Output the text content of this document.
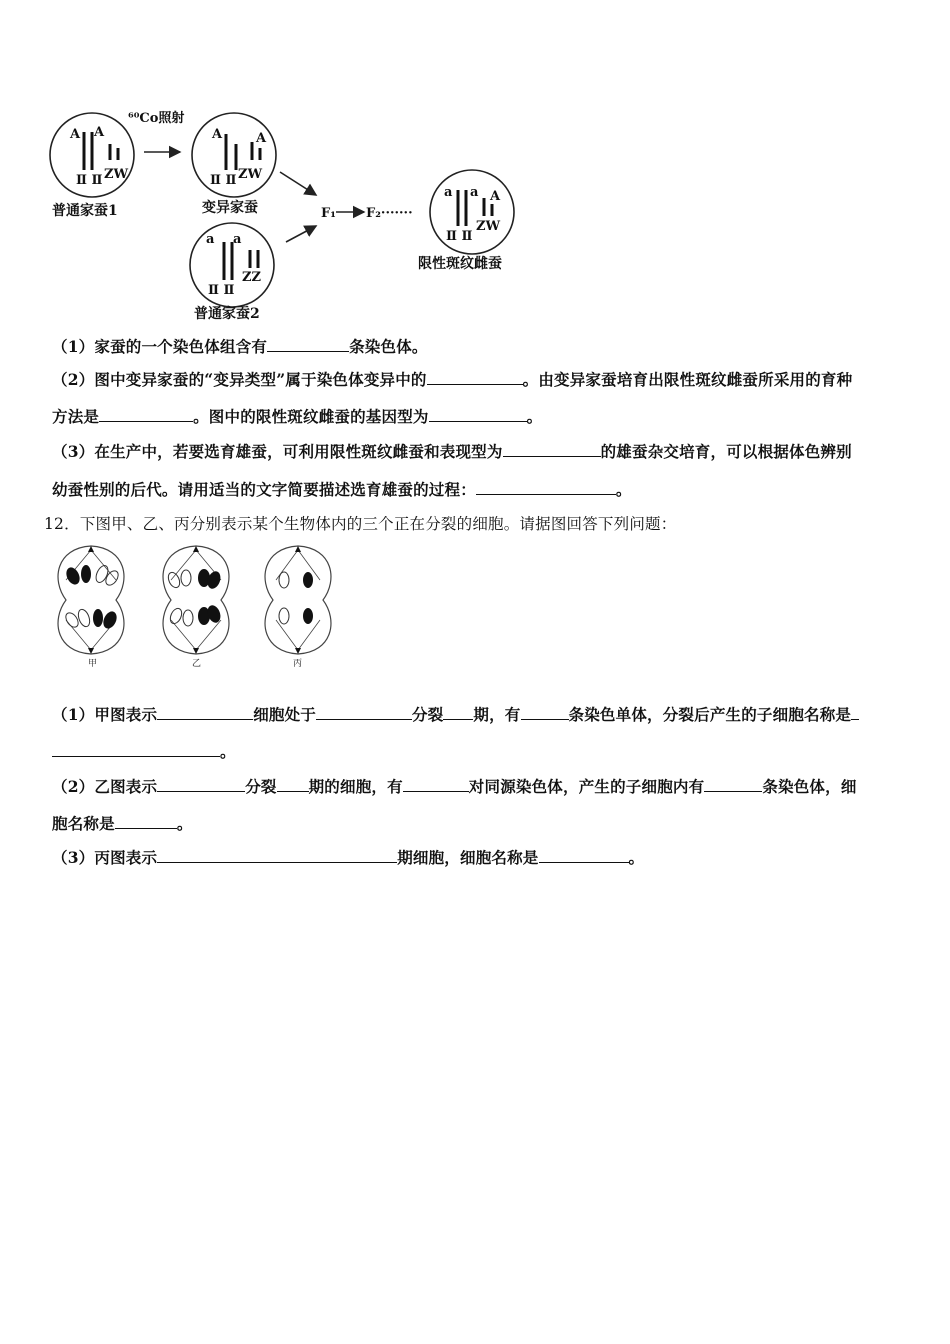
A A
ZW
Ⅱ Ⅱ
A	A
ZW
Ⅱ Ⅱ
a a
ZZ
Ⅱ Ⅱ
a a A
ZW
Ⅱ Ⅱ
⁶⁰Co照射
F₁ F₂·······
普通家蚕1	变异家蚕
普通家蚕2
限性斑纹雌蚕
（1）家蚕的一个染色体组含有	条染色体。
（2）图中变异家蚕的“变异类型”属于染色体变异中的	。由变异家蚕培育出限性斑纹雌蚕所采用的育种
方法是	。图中的限性斑纹雌蚕的基因型为	。
（3）在生产中，若要选育雄蚕，可利用限性斑纹雌蚕和表现型为	的雄蚕杂交培育，可以根据体色辨别
幼蚕性别的后代。请用适当的文字简要描述选育雄蚕的过程：	。
12．下图甲、乙、丙分别表示某个生物体内的三个正在分裂的细胞。请据图回答下列问题：
甲	乙	丙
（1）甲图表示	细胞处于	分裂 期，有	条染色单体，分裂后产生的子细胞名称是
。
（2）乙图表示	分裂 期的细胞，有	对同源染色体，产生的子细胞内有	条染色体，细
胞名称是	。
（3）丙图表示	期细胞，细胞名称是	。
